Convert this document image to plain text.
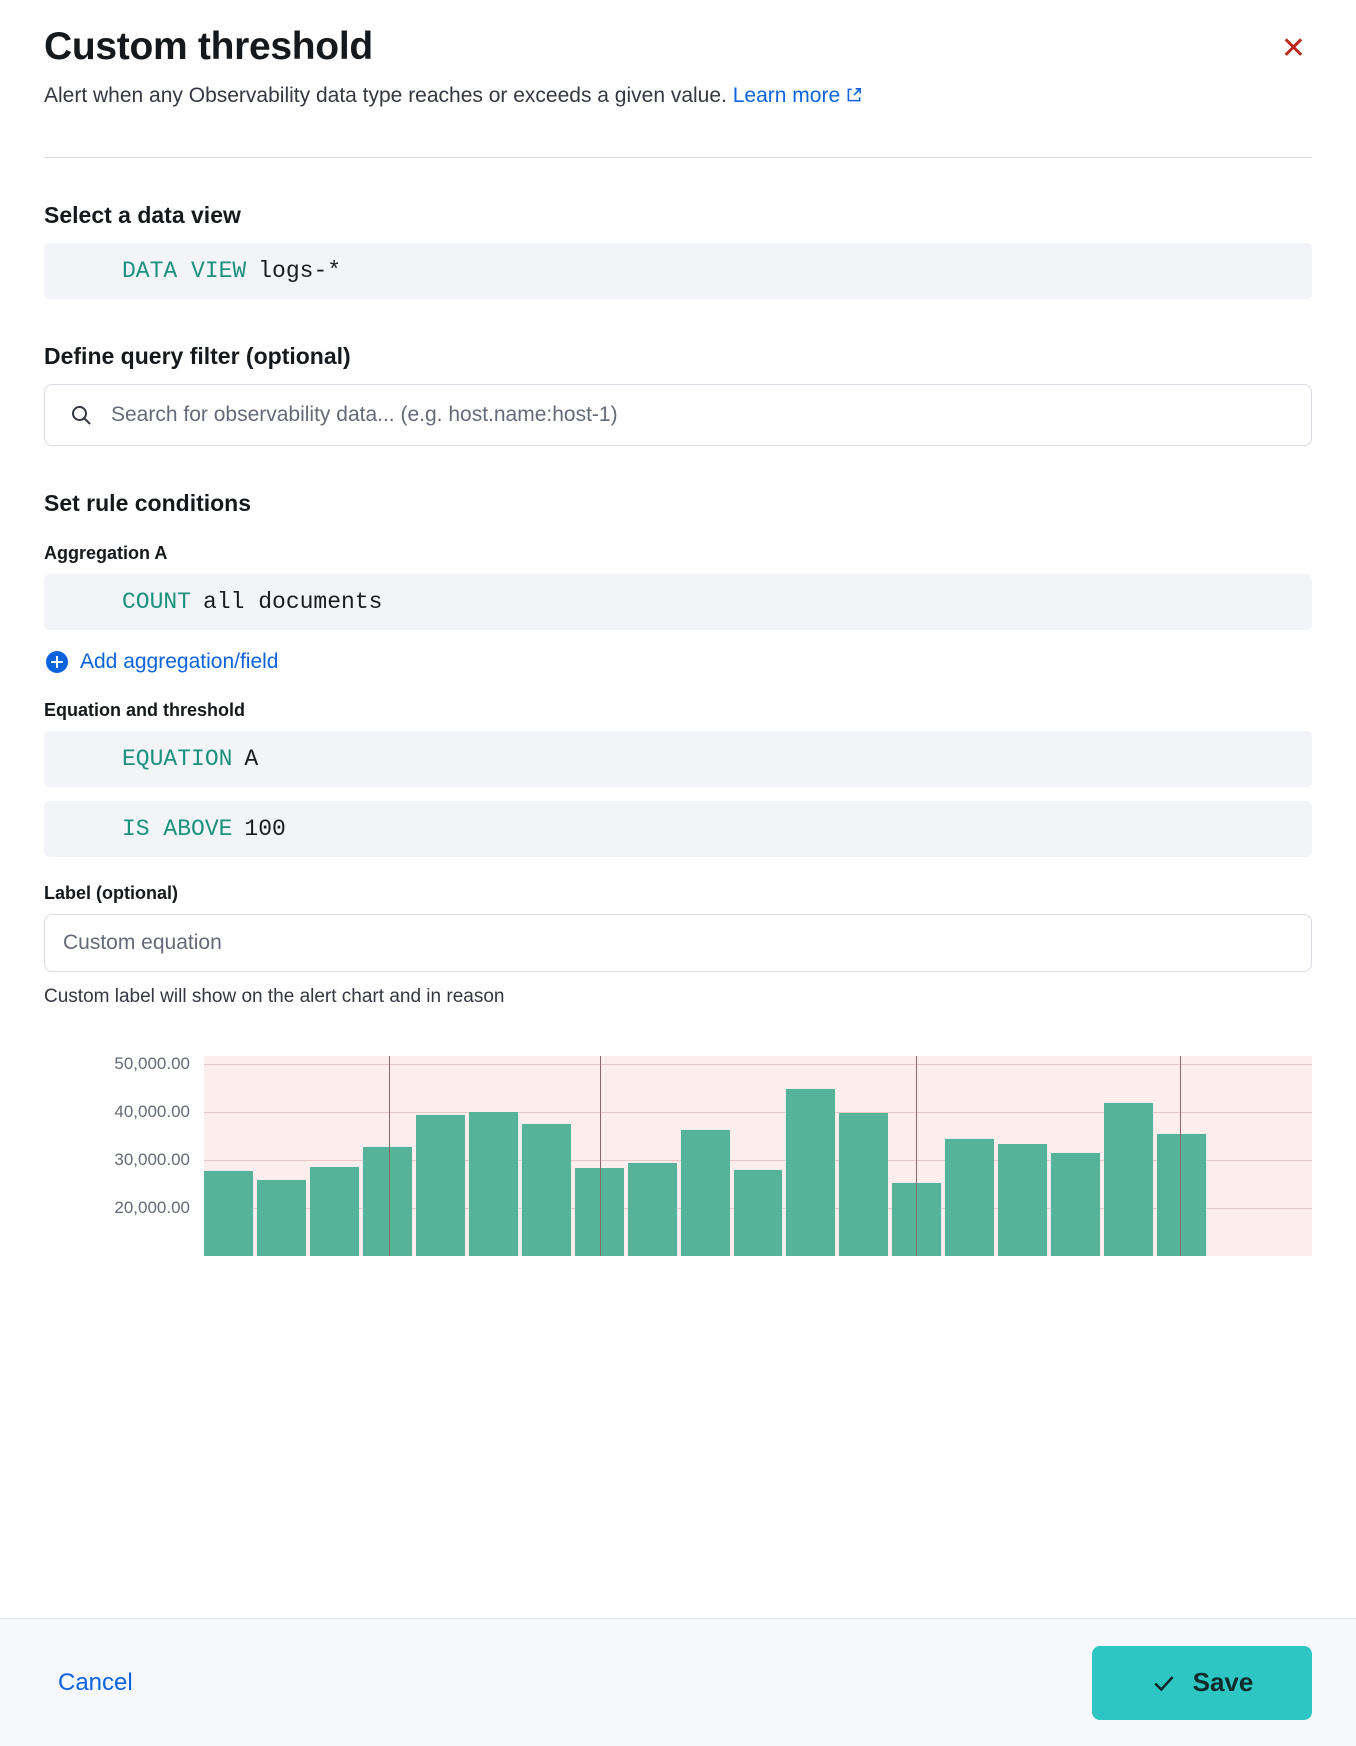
Custom threshold	✕

Alert when any Observability data type reaches or exceeds a given value. Learn more

Select a data view
DATA VIEW logs-*
Define query filter (optional)
Search for observability data... (e.g. host.name:host-1)
Set rule conditions
Aggregation A
COUNT all documents
Add aggregation/field
Equation and threshold
EQUATION A
IS ABOVE 100
Label (optional)
Custom equation
Custom label will show on the alert chart and in reason
50,000.00
40,000.00
30,000.00
20,000.00
Cancel	Save
